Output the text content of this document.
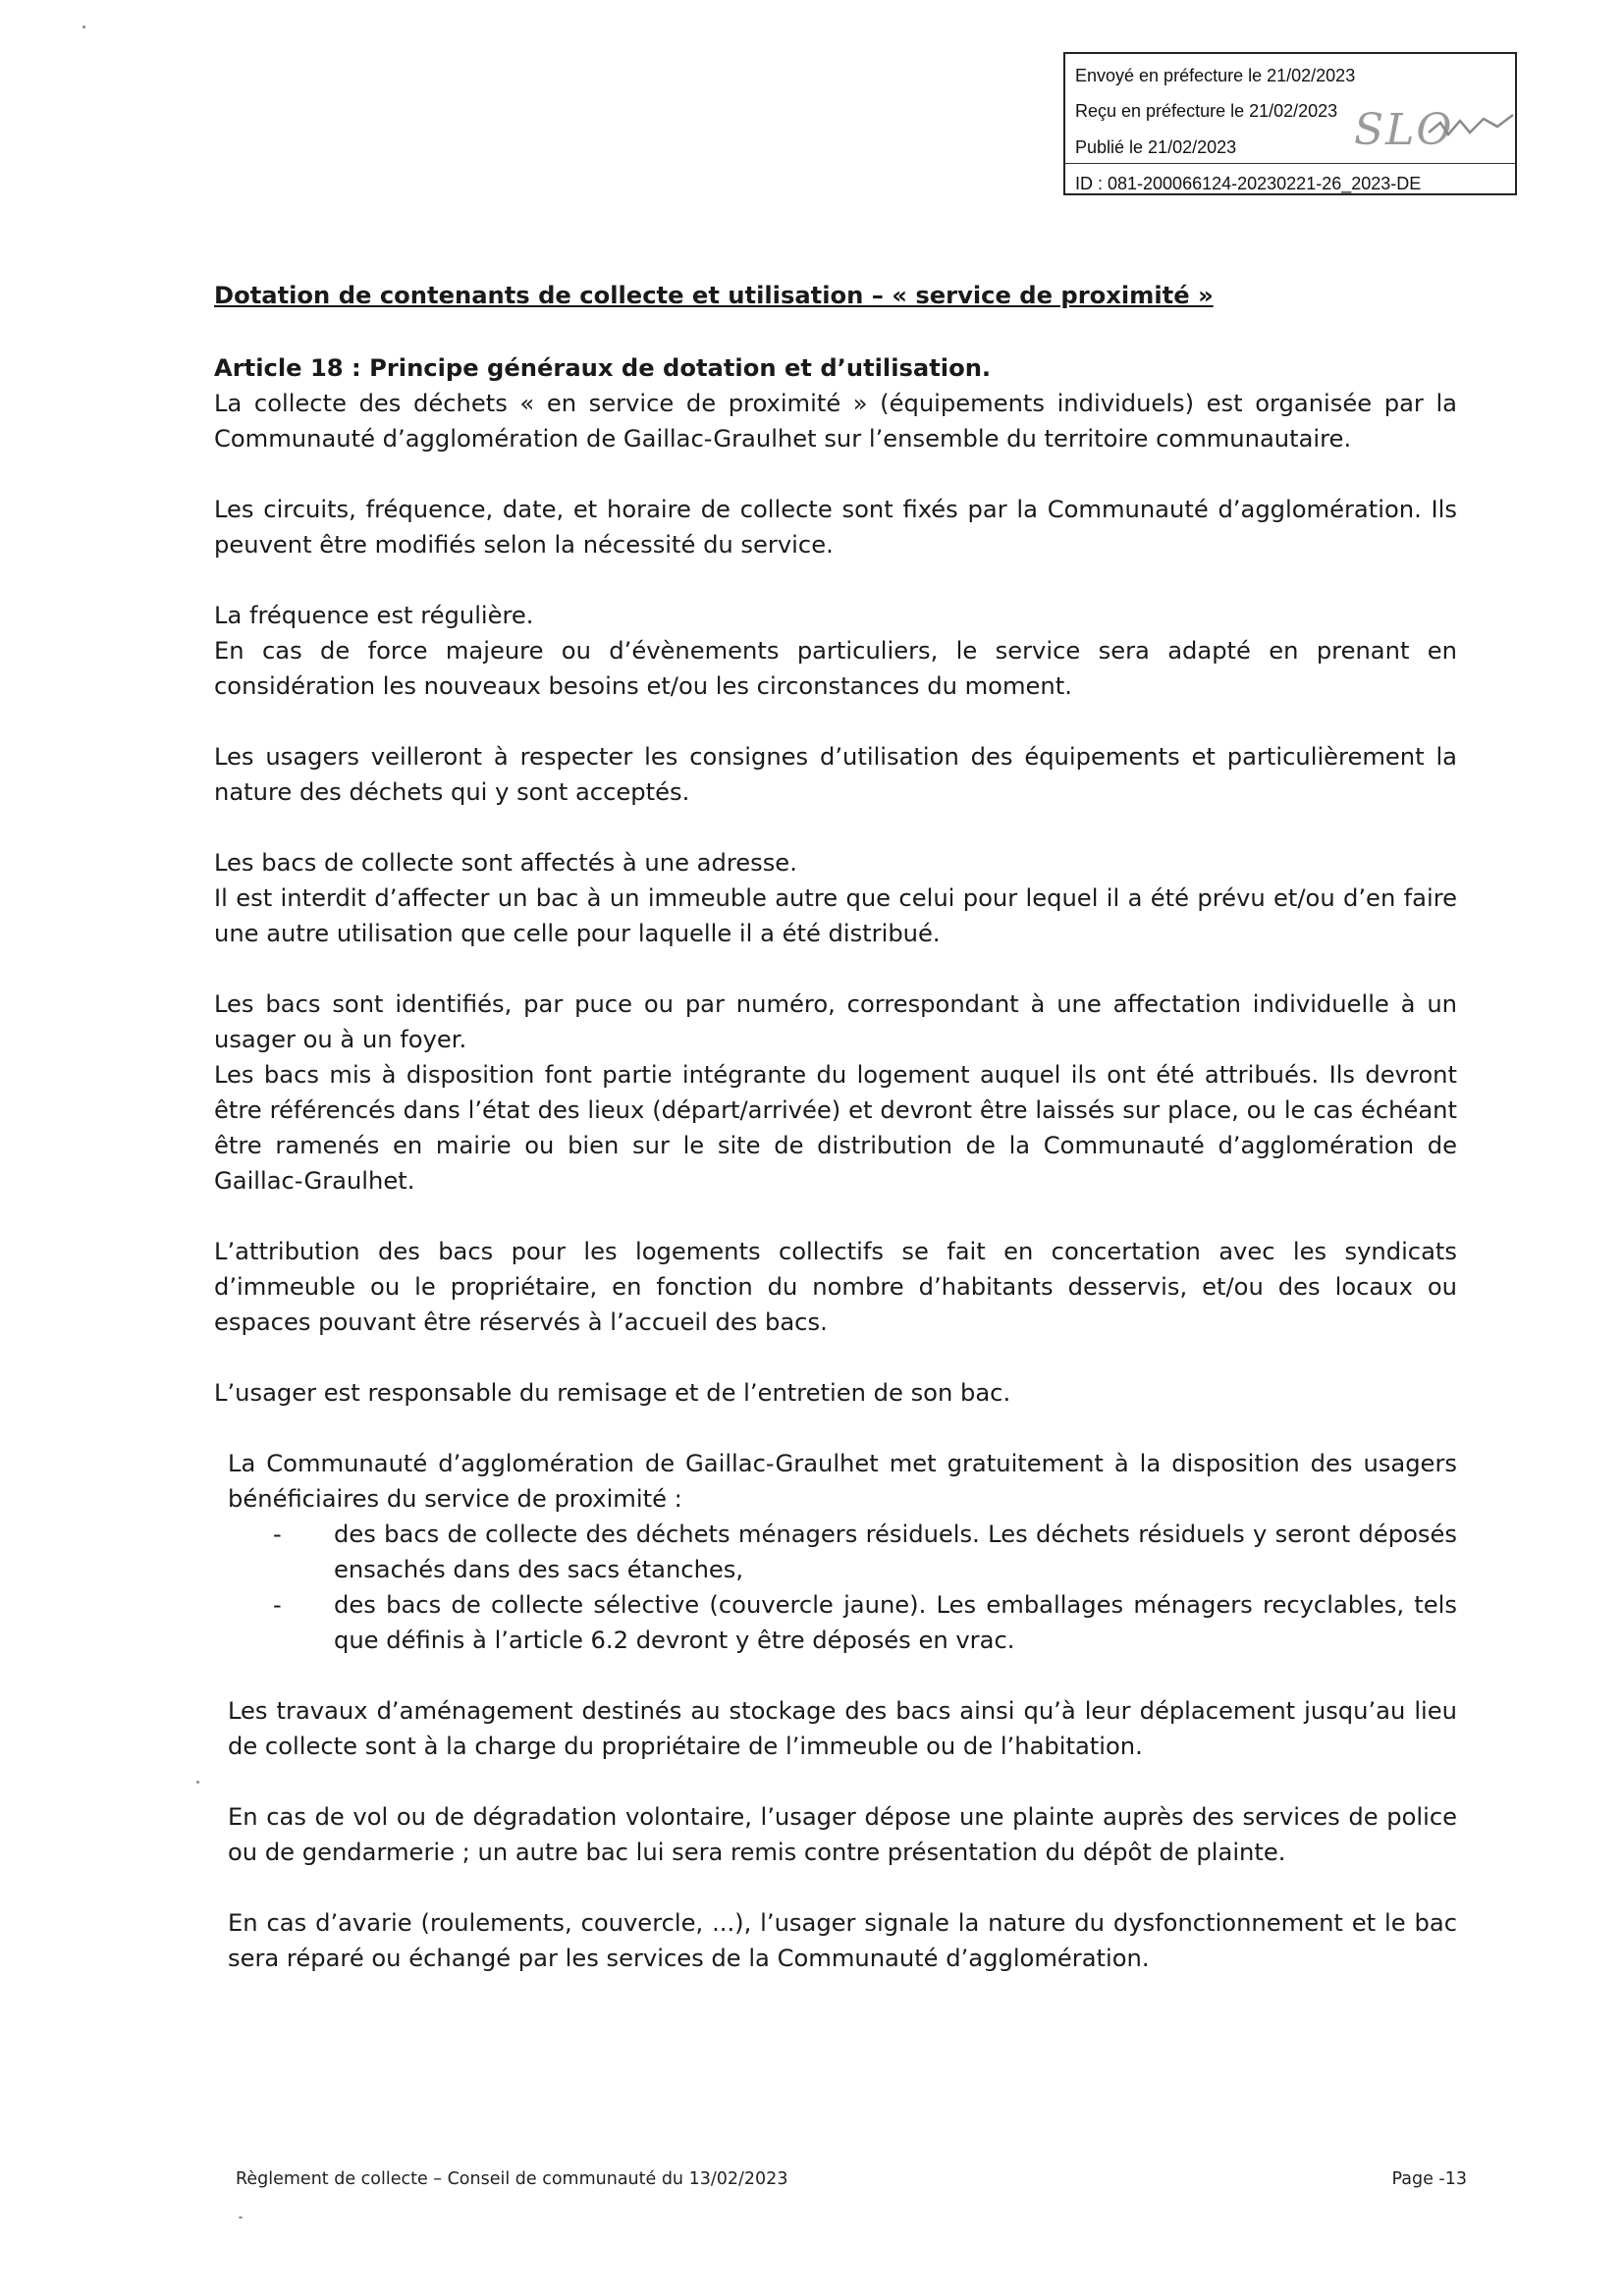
Envoyé en préfecture le 21/02/2023
Reçu en préfecture le 21/02/2023
Publié le 21/02/2023
ID : 081-200066124-20230221-26_2023-DE
SLO
Dotation de contenants de collecte et utilisation – « service de proximité »
Article 18 : Principe généraux de dotation et d’utilisation.

La collecte des déchets « en service de proximité » (équipements individuels) est organisée par la Communauté d’agglomération de Gaillac-Graulhet sur l’ensemble du territoire communautaire.

Les circuits, fréquence, date, et horaire de collecte sont fixés par la Communauté d’agglomération. Ils peuvent être modifiés selon la nécessité du service.

La fréquence est régulière.

En cas de force majeure ou d’évènements particuliers, le service sera adapté en prenant en considération les nouveaux besoins et/ou les circonstances du moment.

Les usagers veilleront à respecter les consignes d’utilisation des équipements et particulièrement la nature des déchets qui y sont acceptés.

Les bacs de collecte sont affectés à une adresse.

Il est interdit d’affecter un bac à un immeuble autre que celui pour lequel il a été prévu et/ou d’en faire une autre utilisation que celle pour laquelle il a été distribué.

Les bacs sont identifiés, par puce ou par numéro, correspondant à une affectation individuelle à un usager ou à un foyer.

Les bacs mis à disposition font partie intégrante du logement auquel ils ont été attribués. Ils devront être référencés dans l’état des lieux (départ/arrivée) et devront être laissés sur place, ou le cas échéant être ramenés en mairie ou bien sur le site de distribution de la Communauté d’agglomération de Gaillac-Graulhet.

L’attribution des bacs pour les logements collectifs se fait en concertation avec les syndicats d’immeuble ou le propriétaire, en fonction du nombre d’habitants desservis, et/ou des locaux ou espaces pouvant être réservés à l’accueil des bacs.

L’usager est responsable du remisage et de l’entretien de son bac.

La Communauté d’agglomération de Gaillac-Graulhet met gratuitement à la disposition des usagers bénéficiaires du service de proximité :

- des bacs de collecte des déchets ménagers résiduels. Les déchets résiduels y seront déposés ensachés dans des sacs étanches,
- des bacs de collecte sélective (couvercle jaune). Les emballages ménagers recyclables, tels que définis à l’article 6.2 devront y être déposés en vrac.

Les travaux d’aménagement destinés au stockage des bacs ainsi qu’à leur déplacement jusqu’au lieu de collecte sont à la charge du propriétaire de l’immeuble ou de l’habitation.

En cas de vol ou de dégradation volontaire, l’usager dépose une plainte auprès des services de police ou de gendarmerie ; un autre bac lui sera remis contre présentation du dépôt de plainte.

En cas d’avarie (roulements, couvercle, ...), l’usager signale la nature du dysfonctionnement et le bac sera réparé ou échangé par les services de la Communauté d’agglomération.

Règlement de collecte – Conseil de communauté du 13/02/2023	Page -13
